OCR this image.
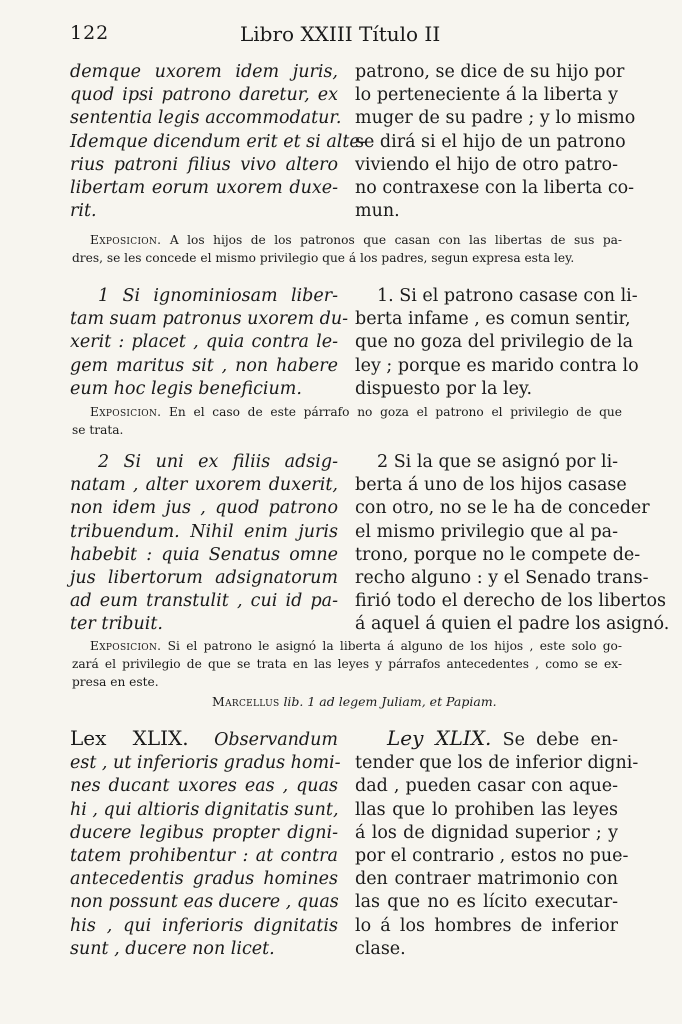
122	Libro XXIII Título II
demque uxorem idem juris,
quod ipsi patrono daretur, ex
sententia legis accommodatur.
Idemque dicendum erit et si alte-
rius patroni filius vivo altero
libertam eorum uxorem duxe-
rit.
patrono, se dice de su hijo por
lo perteneciente á la liberta y
muger de su padre ; y lo mismo
se dirá si el hijo de un patrono
viviendo el hijo de otro patro-
no contraxese con la liberta co-
mun.
Exposicion. A los hijos de los patronos que casan con las libertas de sus pa-
dres, se les concede el mismo privilegio que á los padres, segun expresa esta ley.
1 Si ignominiosam liber-
tam suam patronus uxorem du-
xerit : placet , quia contra le-
gem maritus sit , non habere
eum hoc legis beneficium.
1. Si el patrono casase con li-
berta infame , es comun sentir,
que no goza del privilegio de la
ley ; porque es marido contra lo
dispuesto por la ley.
Exposicion. En el caso de este párrafo no goza el patrono el privilegio de que
se trata.
2 Si uni ex filiis adsig-
natam , alter uxorem duxerit,
non idem jus , quod patrono
tribuendum. Nihil enim juris
habebit : quia Senatus omne
jus libertorum adsignatorum
ad eum transtulit , cui id pa-
ter tribuit.
2 Si la que se asignó por li-
berta á uno de los hijos casase
con otro, no se le ha de conceder
el mismo privilegio que al pa-
trono, porque no le compete de-
recho alguno : y el Senado trans-
firió todo el derecho de los libertos
á aquel á quien el padre los asignó.
Exposicion. Si el patrono le asignó la liberta á alguno de los hijos , este solo go-
zará el privilegio de que se trata en las leyes y párrafos antecedentes , como se ex-
presa en este.
Marcellus lib. 1 ad legem Juliam, et Papiam.
Lex XLIX. Observandum
est , ut inferioris gradus homi-
nes ducant uxores eas , quas
hi , qui altioris dignitatis sunt,
ducere legibus propter digni-
tatem prohibentur : at contra
antecedentis gradus homines
non possunt eas ducere , quas
his , qui inferioris dignitatis
sunt , ducere non licet.
Ley XLIX. Se debe en-
tender que los de inferior digni-
dad , pueden casar con aque-
llas que lo prohiben las leyes
á los de dignidad superior ; y
por el contrario , estos no pue-
den contraer matrimonio con
las que no es lícito executar-
lo á los hombres de inferior
clase.
